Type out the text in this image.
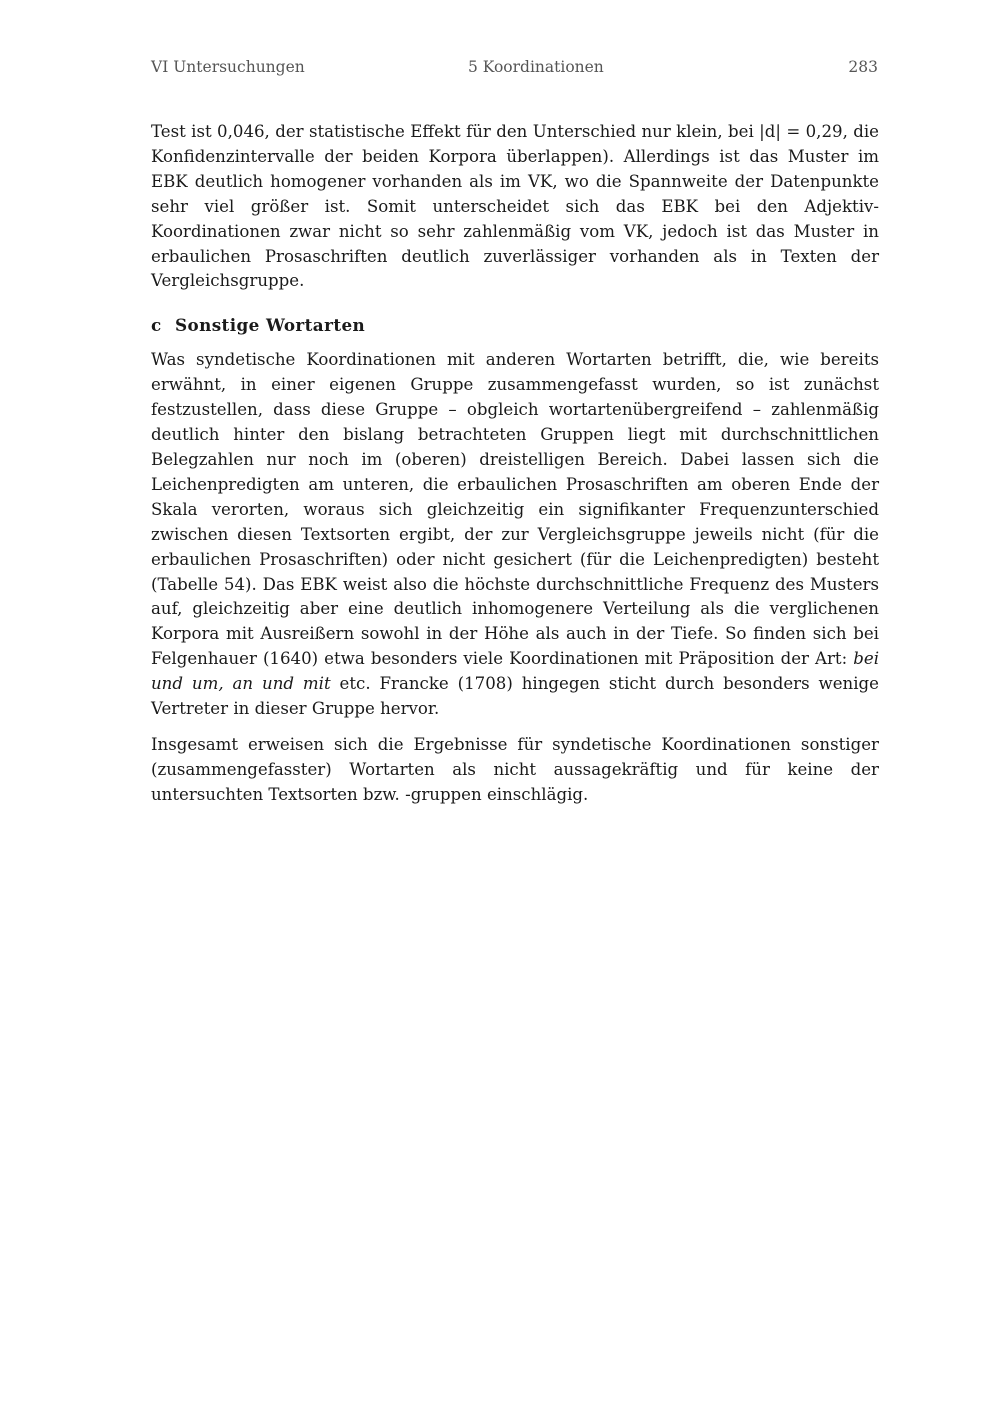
VI Untersuchungen	5 Koordinationen	283

Test ist 0,046, der statistische Effekt für den Unterschied nur klein, bei |d| = 0,29, die Konfidenzintervalle der beiden Korpora überlappen). Allerdings ist das Muster im EBK deutlich homogener vorhanden als im VK, wo die Spannweite der Datenpunkte sehr viel größer ist. Somit unterscheidet sich das EBK bei den Adjektiv-Koordinationen zwar nicht so sehr zahlenmäßig vom VK, jedoch ist das Muster in erbaulichen Prosaschriften deutlich zuverlässiger vorhanden als in Texten der Vergleichsgruppe.

c Sonstige Wortarten

Was syndetische Koordinationen mit anderen Wortarten betrifft, die, wie bereits erwähnt, in einer eigenen Gruppe zusammengefasst wurden, so ist zunächst festzustellen, dass diese Gruppe – obgleich wortartenübergreifend – zahlenmäßig deutlich hinter den bislang betrachteten Gruppen liegt mit durchschnittlichen Belegzahlen nur noch im (oberen) dreistelligen Bereich. Dabei lassen sich die Leichenpredigten am unteren, die erbaulichen Prosaschriften am oberen Ende der Skala verorten, woraus sich gleichzeitig ein signifikanter Frequenzunterschied zwischen diesen Textsorten ergibt, der zur Vergleichsgruppe jeweils nicht (für die erbaulichen Prosaschriften) oder nicht gesichert (für die Leichenpredigten) besteht (Tabelle 54). Das EBK weist also die höchste durchschnittliche Frequenz des Musters auf, gleichzeitig aber eine deutlich inhomogenere Verteilung als die verglichenen Korpora mit Ausreißern sowohl in der Höhe als auch in der Tiefe. So finden sich bei Felgenhauer (1640) etwa besonders viele Koordinationen mit Präposition der Art: bei und um, an und mit etc. Francke (1708) hingegen sticht durch besonders wenige Vertreter in dieser Gruppe hervor.

Insgesamt erweisen sich die Ergebnisse für syndetische Koordinationen sonstiger (zusammengefasster) Wortarten als nicht aussagekräftig und für keine der untersuchten Textsorten bzw. -gruppen einschlägig.
